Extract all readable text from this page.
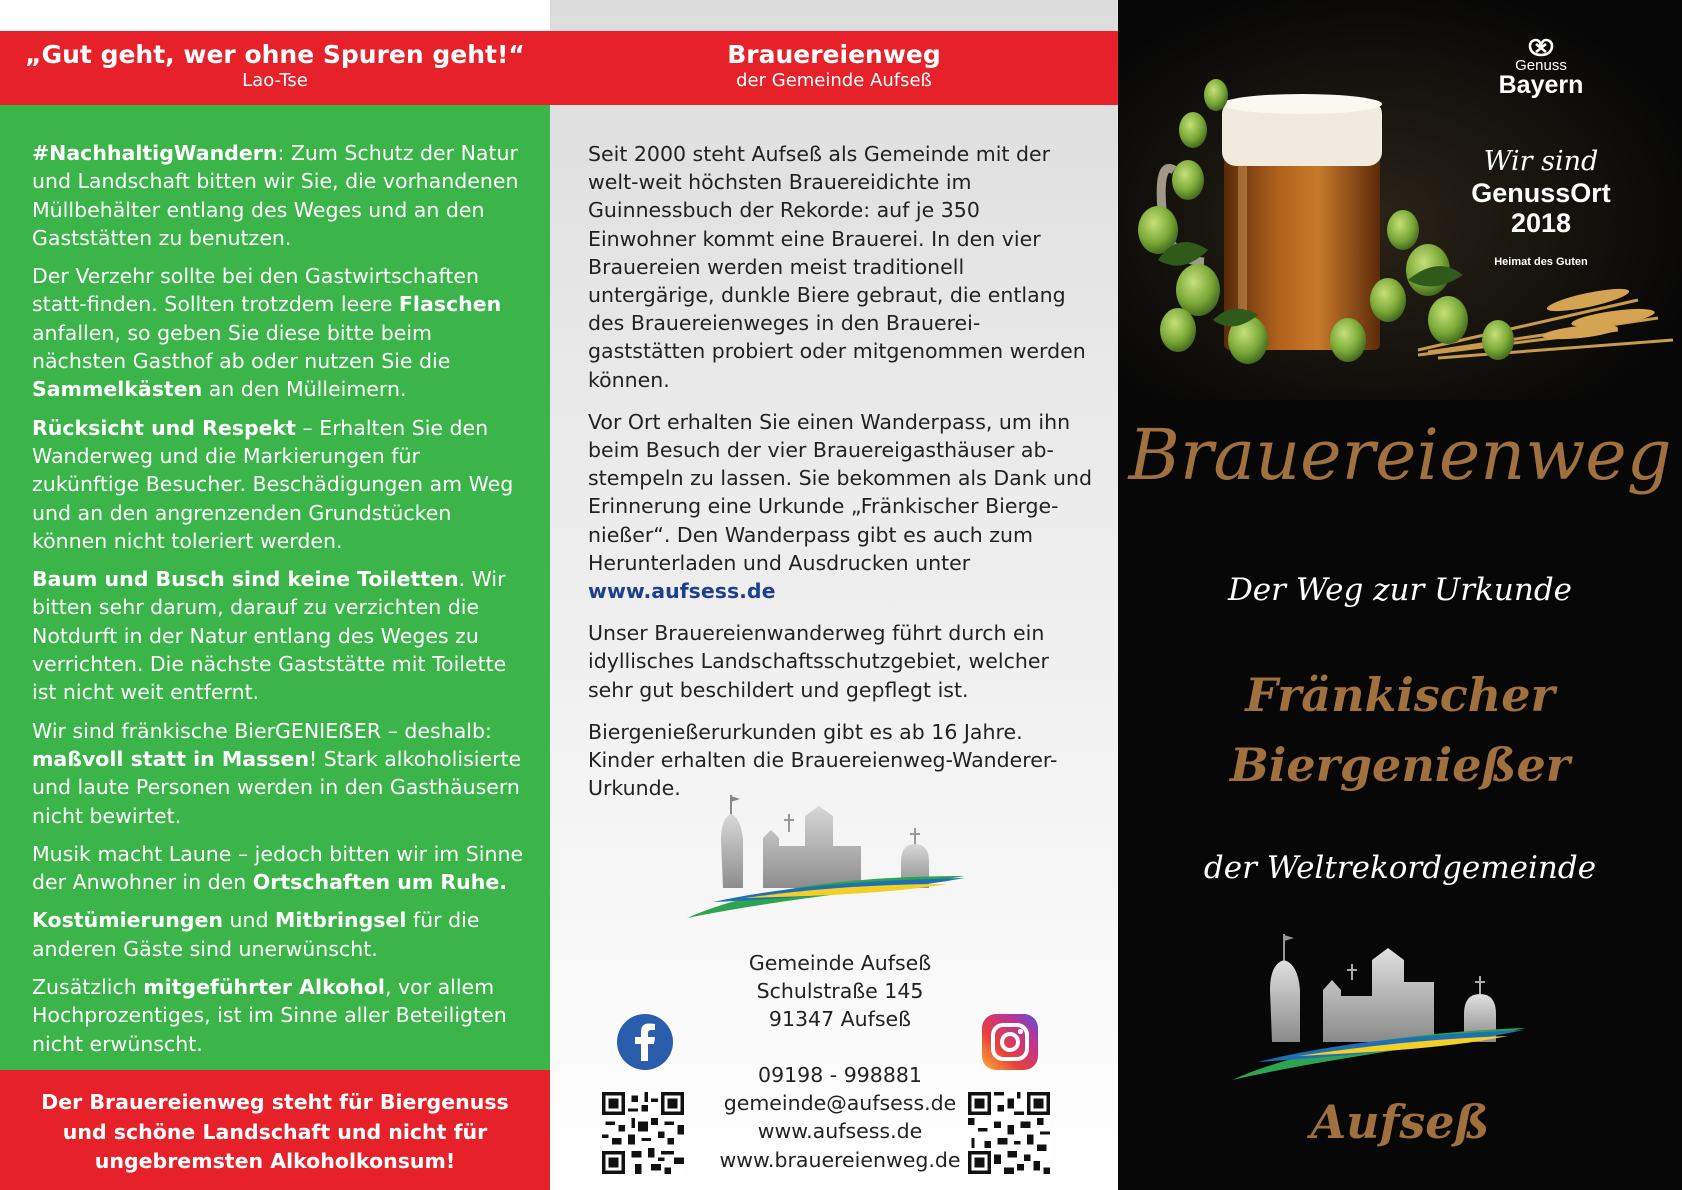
„Gut geht, wer ohne Spuren geht!“
Lao-Tse

#NachhaltigWandern: Zum Schutz der Natur und Landschaft bitten wir Sie, die vorhandenen Müllbehälter entlang des Weges und an den Gaststätten zu benutzen.

Der Verzehr sollte bei den Gastwirtschaften statt-finden. Sollten trotzdem leere Flaschen anfallen, so geben Sie diese bitte beim nächsten Gasthof ab oder nutzen Sie die Sammelkästen an den Mülleimern.

Rücksicht und Respekt – Erhalten Sie den Wanderweg und die Markierungen für zukünftige Besucher. Beschädigungen am Weg und an den angrenzenden Grundstücken können nicht toleriert werden.

Baum und Busch sind keine Toiletten. Wir bitten sehr darum, darauf zu verzichten die Notdurft in der Natur entlang des Weges zu verrichten. Die nächste Gaststätte mit Toilette ist nicht weit entfernt.

Wir sind fränkische BierGENIEẞER – deshalb: maßvoll statt in Massen! Stark alkoholisierte und laute Personen werden in den Gasthäusern nicht bewirtet.

Musik macht Laune – jedoch bitten wir im Sinne der Anwohner in den Ortschaften um Ruhe.

Kostümierungen und Mitbringsel für die anderen Gäste sind unerwünscht.

Zusätzlich mitgeführter Alkohol, vor allem Hochprozentiges, ist im Sinne aller Beteiligten nicht erwünscht.

Der Brauereienweg steht für Biergenuss
und schöne Landschaft und nicht für
ungebremsten Alkoholkonsum!
Brauereienweg
der Gemeinde Aufseß

Seit 2000 steht Aufseß als Gemeinde mit der welt-weit höchsten Brauereidichte im Guinnessbuch der Rekorde: auf je 350 Einwohner kommt eine Brauerei. In den vier Brauereien werden meist traditionell untergärige, dunkle Biere gebraut, die entlang des Brauereienweges in den Brauerei-gaststätten probiert oder mitgenommen werden können.

Vor Ort erhalten Sie einen Wanderpass, um ihn beim Besuch der vier Brauereigasthäuser ab-stempeln zu lassen. Sie bekommen als Dank und Erinnerung eine Urkunde „Fränkischer Bierge-nießer“. Den Wanderpass gibt es auch zum Herunterladen und Ausdrucken unter
www.aufsess.de

Unser Brauereienwanderweg führt durch ein idyllisches Landschaftsschutzgebiet, welcher sehr gut beschildert und gepflegt ist.

Biergenießerurkunden gibt es ab 16 Jahre. Kinder erhalten die Brauereienweg-Wanderer-Urkunde.

Gemeinde Aufseß
Schulstraße 145
91347 Aufseß
09198 - 998881
gemeinde@aufsess.de
www.aufsess.de
www.brauereienweg.de
Genuss
Bayern
Wir sind
GenussOrt
2018
Heimat des Guten
Brauereienweg
Der Weg zur Urkunde
Fränkischer
Biergenießer
der Weltrekordgemeinde
Aufseß
